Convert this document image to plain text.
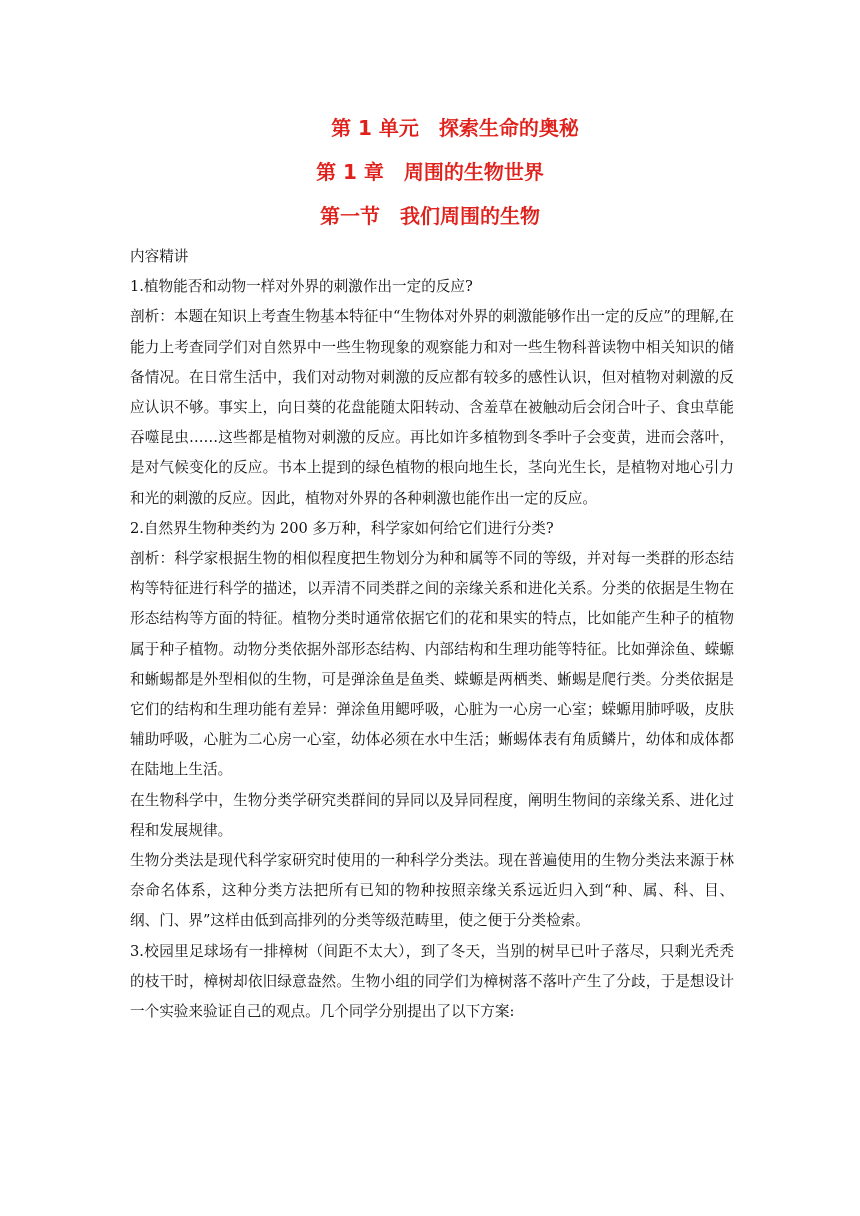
第 1 单元　探索生命的奥秘
第 1 章　周围的生物世界
第一节　我们周围的生物

内容精讲

1.植物能否和动物一样对外界的刺激作出一定的反应?

剖析：本题在知识上考查生物基本特征中“生物体对外界的刺激能够作出一定的反应”的理解,在能力上考查同学们对自然界中一些生物现象的观察能力和对一些生物科普读物中相关知识的储备情况。在日常生活中，我们对动物对刺激的反应都有较多的感性认识，但对植物对刺激的反应认识不够。事实上，向日葵的花盘能随太阳转动、含羞草在被触动后会闭合叶子、食虫草能吞噬昆虫……这些都是植物对刺激的反应。再比如许多植物到冬季叶子会变黄，进而会落叶，是对气候变化的反应。书本上提到的绿色植物的根向地生长，茎向光生长，是植物对地心引力和光的刺激的反应。因此，植物对外界的各种刺激也能作出一定的反应。

2.自然界生物种类约为 200 多万种，科学家如何给它们进行分类?

剖析：科学家根据生物的相似程度把生物划分为种和属等不同的等级，并对每一类群的形态结构等特征进行科学的描述，以弄清不同类群之间的亲缘关系和进化关系。分类的依据是生物在形态结构等方面的特征。植物分类时通常依据它们的花和果实的特点，比如能产生种子的植物属于种子植物。动物分类依据外部形态结构、内部结构和生理功能等特征。比如弹涂鱼、蝾螈和蜥蜴都是外型相似的生物，可是弹涂鱼是鱼类、蝾螈是两栖类、蜥蜴是爬行类。分类依据是它们的结构和生理功能有差异：弹涂鱼用鳃呼吸，心脏为一心房一心室；蝾螈用肺呼吸，皮肤辅助呼吸，心脏为二心房一心室，幼体必须在水中生活；蜥蜴体表有角质鳞片，幼体和成体都在陆地上生活。

在生物科学中，生物分类学研究类群间的异同以及异同程度，阐明生物间的亲缘关系、进化过程和发展规律。

生物分类法是现代科学家研究时使用的一种科学分类法。现在普遍使用的生物分类法来源于林奈命名体系，这种分类方法把所有已知的物种按照亲缘关系远近归入到“种、属、科、目、纲、门、界”这样由低到高排列的分类等级范畴里，使之便于分类检索。

3.校园里足球场有一排樟树（间距不太大），到了冬天，当别的树早已叶子落尽，只剩光秃秃的枝干时，樟树却依旧绿意盎然。生物小组的同学们为樟树落不落叶产生了分歧，于是想设计一个实验来验证自己的观点。几个同学分别提出了以下方案:
